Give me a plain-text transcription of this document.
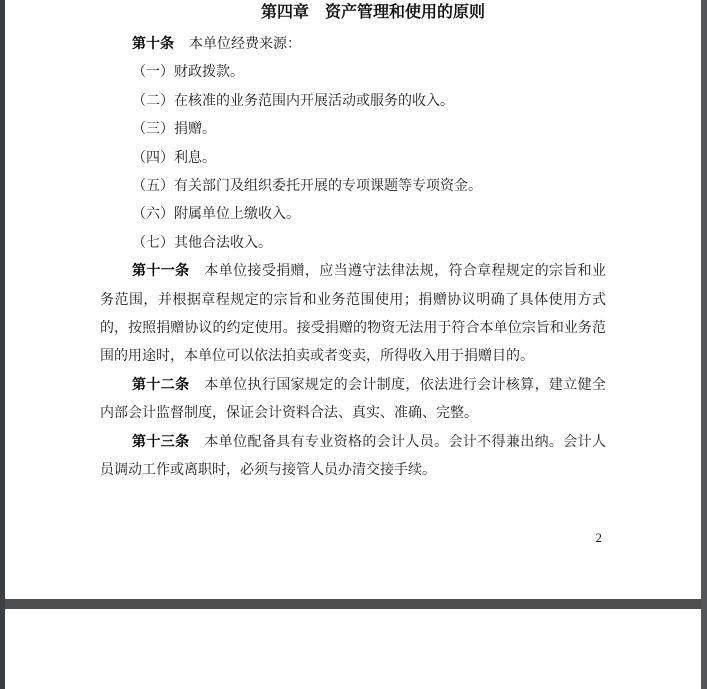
第四章　资产管理和使用的原则

第十条 本单位经费来源：

（一）财政拨款。

（二）在核准的业务范围内开展活动或服务的收入。

（三）捐赠。

（四）利息。

（五）有关部门及组织委托开展的专项课题等专项资金。

（六）附属单位上缴收入。

（七）其他合法收入。

第十一条 本单位接受捐赠，应当遵守法律法规，符合章程规定的宗旨和业务范围，并根据章程规定的宗旨和业务范围使用；捐赠协议明确了具体使用方式的，按照捐赠协议的约定使用。接受捐赠的物资无法用于符合本单位宗旨和业务范围的用途时，本单位可以依法拍卖或者变卖，所得收入用于捐赠目的。

第十二条 本单位执行国家规定的会计制度，依法进行会计核算，建立健全内部会计监督制度，保证会计资料合法、真实、准确、完整。

第十三条 本单位配备具有专业资格的会计人员。会计不得兼出纳。会计人员调动工作或离职时，必须与接管人员办清交接手续。

2
